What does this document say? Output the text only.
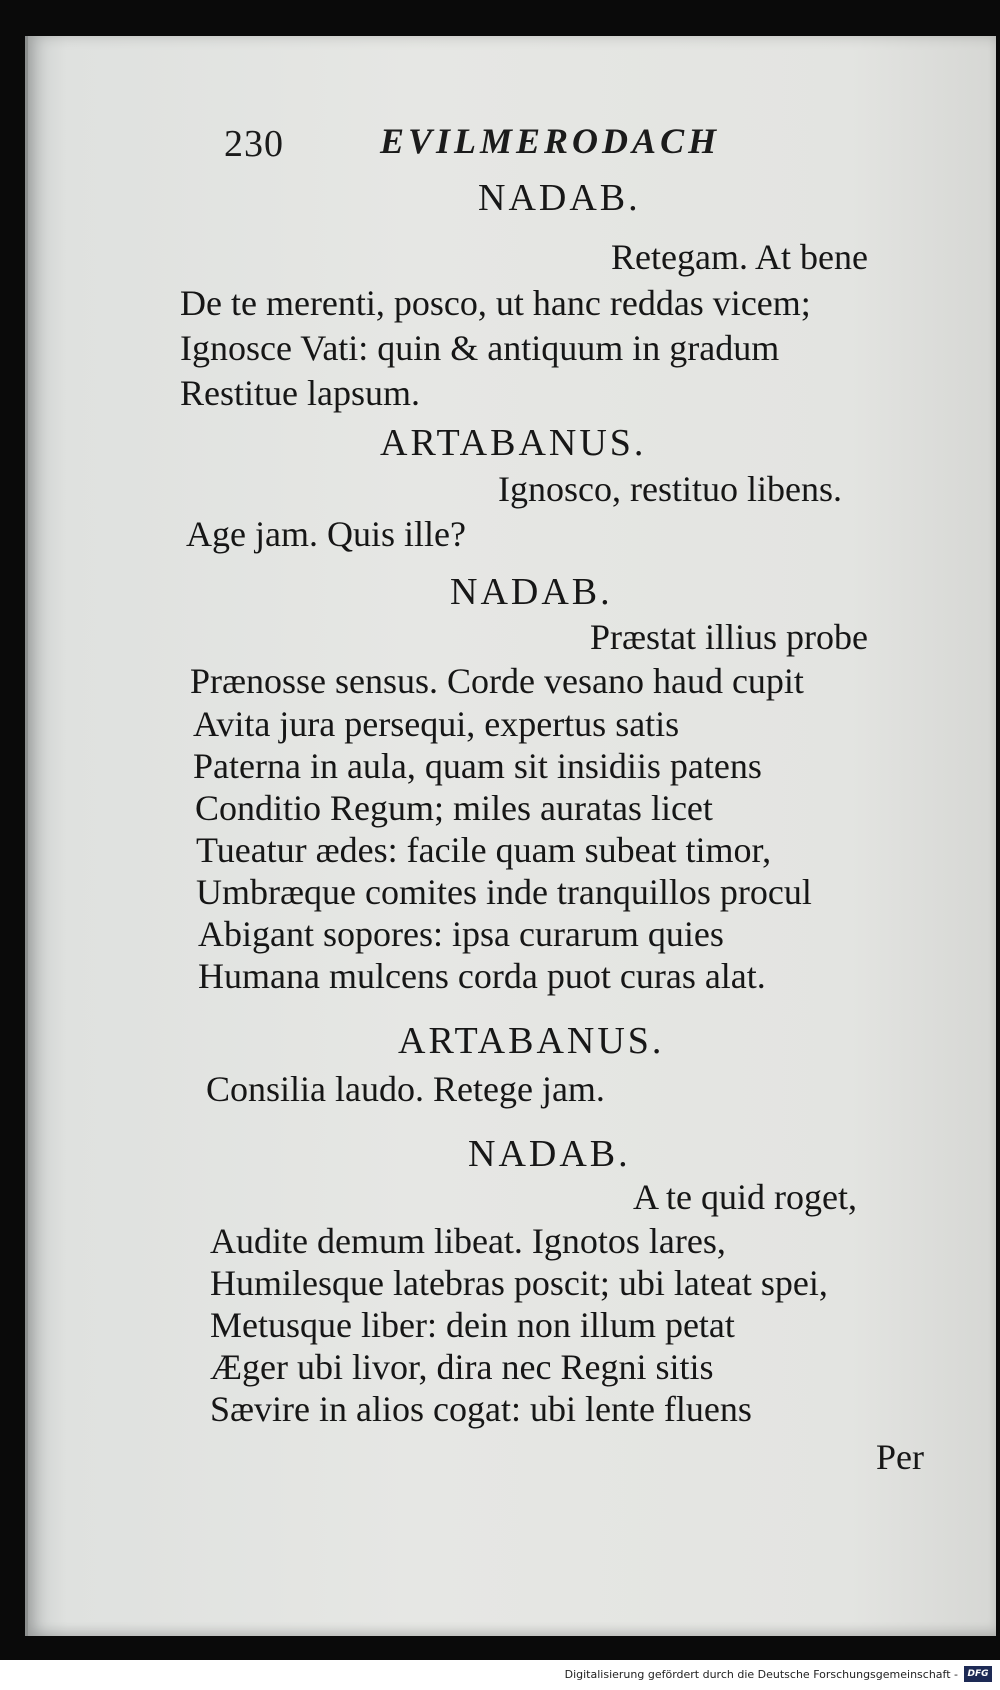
230	EVILMERODACH
NADAB.
Retegam. At bene
De te merenti, posco, ut hanc reddas vicem;
Ignosce Vati: quin & antiquum in gradum
Restitue lapsum.
ARTABANUS.
Ignosco, restituo libens.
Age jam. Quis ille?
NADAB.
Præstat illius probe
Prænosse sensus. Corde vesano haud cupit
Avita jura persequi, expertus satis
Paterna in aula, quam sit insidiis patens
Conditio Regum; miles auratas licet
Tueatur ædes: facile quam subeat timor,
Umbræque comites inde tranquillos procul
Abigant sopores: ipsa curarum quies
Humana mulcens corda puot curas alat.
ARTABANUS.
Consilia laudo. Retege jam.
NADAB.
A te quid roget,
Audite demum libeat. Ignotos lares,
Humilesque latebras poscit; ubi lateat spei,
Metusque liber: dein non illum petat
Æger ubi livor, dira nec Regni sitis
Sævire in alios cogat: ubi lente fluens
Per
Digitalisierung gefördert durch die Deutsche Forschungsgemeinschaft -	DFG
